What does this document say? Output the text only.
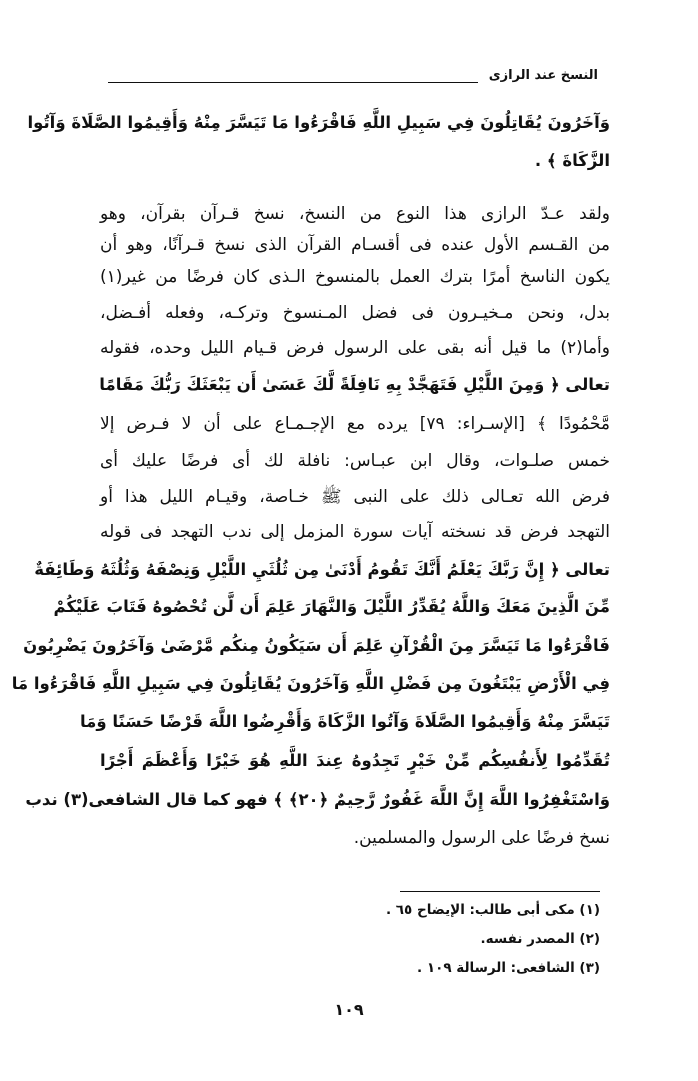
النسخ عند الرازى
وَآخَرُونَ يُقَاتِلُونَ فِي سَبِيلِ اللَّهِ فَاقْرَءُوا مَا تَيَسَّرَ مِنْهُ وَأَقِيمُوا الصَّلَاةَ وَآتُوا
الزَّكَاةَ ﴾ .
ولقد عـدّ الرازى هذا النوع من النسخ، نسخ قـرآن بقرآن، وهو
من القـسم الأول عنده فى أقسـام القرآن الذى نسخ قـرآنًا، وهو أن
يكون الناسخ أمرًا بترك العمل بالمنسوخ الـذى كان فرضًا من غير(١)
بدل، ونحن مـخيـرون فى فضل المـنسوخ وتركـه، وفعله أفـضل،
وأما(٢) ما قيل أنه بقى على الرسول فرض قـيام الليل وحده، فقوله
تعالى ﴿ وَمِنَ اللَّيْلِ فَتَهَجَّدْ بِهِ نَافِلَةً لَّكَ عَسَىٰ أَن يَبْعَثَكَ رَبُّكَ مَقَامًا
مَّحْمُودًا ﴾ [الإسـراء: ٧٩] يرده مع الإجـمـاع على أن لا فـرض إلا
خمس صلـوات، وقال ابن عبـاس: نافلة لك أى فرضًا عليك أى
فرض الله تعـالى ذلك على النبى ﷺ خـاصة، وقيـام الليل هذا أو
التهجد فرض قد نسخته آيات سورة المزمل إلى ندب التهجد فى قوله
تعالى ﴿ إِنَّ رَبَّكَ يَعْلَمُ أَنَّكَ تَقُومُ أَدْنَىٰ مِن ثُلُثَيِ اللَّيْلِ وَنِصْفَهُ وَثُلُثَهُ وَطَائِفَةٌ
مِّنَ الَّذِينَ مَعَكَ وَاللَّهُ يُقَدِّرُ اللَّيْلَ وَالنَّهَارَ عَلِمَ أَن لَّن تُحْصُوهُ فَتَابَ عَلَيْكُمْ
فَاقْرَءُوا مَا تَيَسَّرَ مِنَ الْقُرْآنِ عَلِمَ أَن سَيَكُونُ مِنكُم مَّرْضَىٰ وَآخَرُونَ يَضْرِبُونَ
فِي الْأَرْضِ يَبْتَغُونَ مِن فَضْلِ اللَّهِ وَآخَرُونَ يُقَاتِلُونَ فِي سَبِيلِ اللَّهِ فَاقْرَءُوا مَا
تَيَسَّرَ مِنْهُ وَأَقِيمُوا الصَّلَاةَ وَآتُوا الزَّكَاةَ وَأَقْرِضُوا اللَّهَ قَرْضًا حَسَنًا وَمَا
تُقَدِّمُوا لِأَنفُسِكُم مِّنْ خَيْرٍ تَجِدُوهُ عِندَ اللَّهِ هُوَ خَيْرًا وَأَعْظَمَ أَجْرًا
وَاسْتَغْفِرُوا اللَّهَ إِنَّ اللَّهَ غَفُورٌ رَّحِيمٌ ﴿٢٠﴾ ﴾ فهو كما قال الشافعى(٣) ندب
نسخ فرضًا على الرسول والمسلمين.
(١) مكى أبى طالب: الإيضاح ٦٥ .
(٢) المصدر نفسه.
(٣) الشافعى: الرسالة ١٠٩ .
١٠٩
